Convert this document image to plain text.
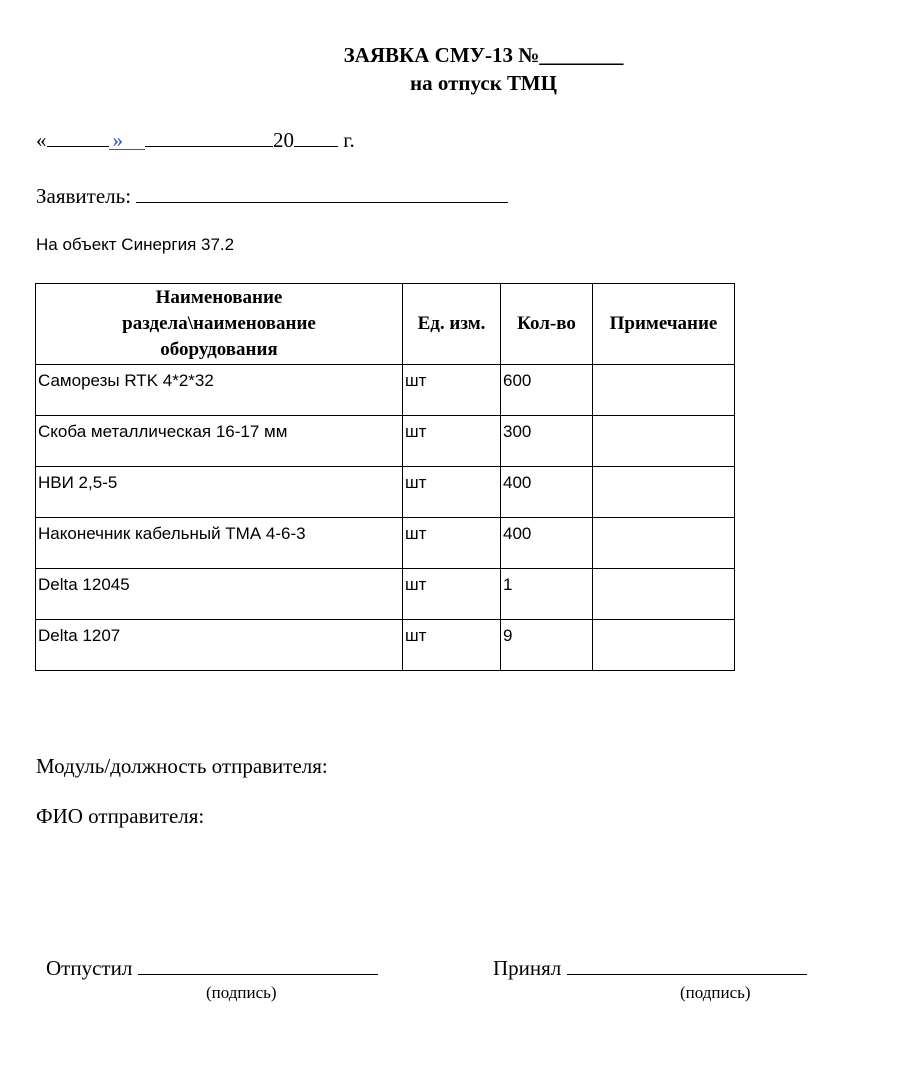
ЗАЯВКА СМУ-13 №________
на отпуск ТМЦ
«	»	20 г.
Заявитель:
На объект Синергия 37.2
Наименование раздела\наименование оборудования	Ед. изм.	Кол-во	Примечание
Саморезы RTK 4*2*32	шт	600	
Скоба металлическая 16-17 мм	шт	300	
НВИ 2,5-5	шт	400	
Наконечник кабельный ТМА 4-6-3	шт	400	
Delta 12045	шт	1	
Delta 1207	шт	9	
Модуль/должность отправителя:
ФИО отправителя:
Отпустил
(подпись)
Принял
(подпись)
